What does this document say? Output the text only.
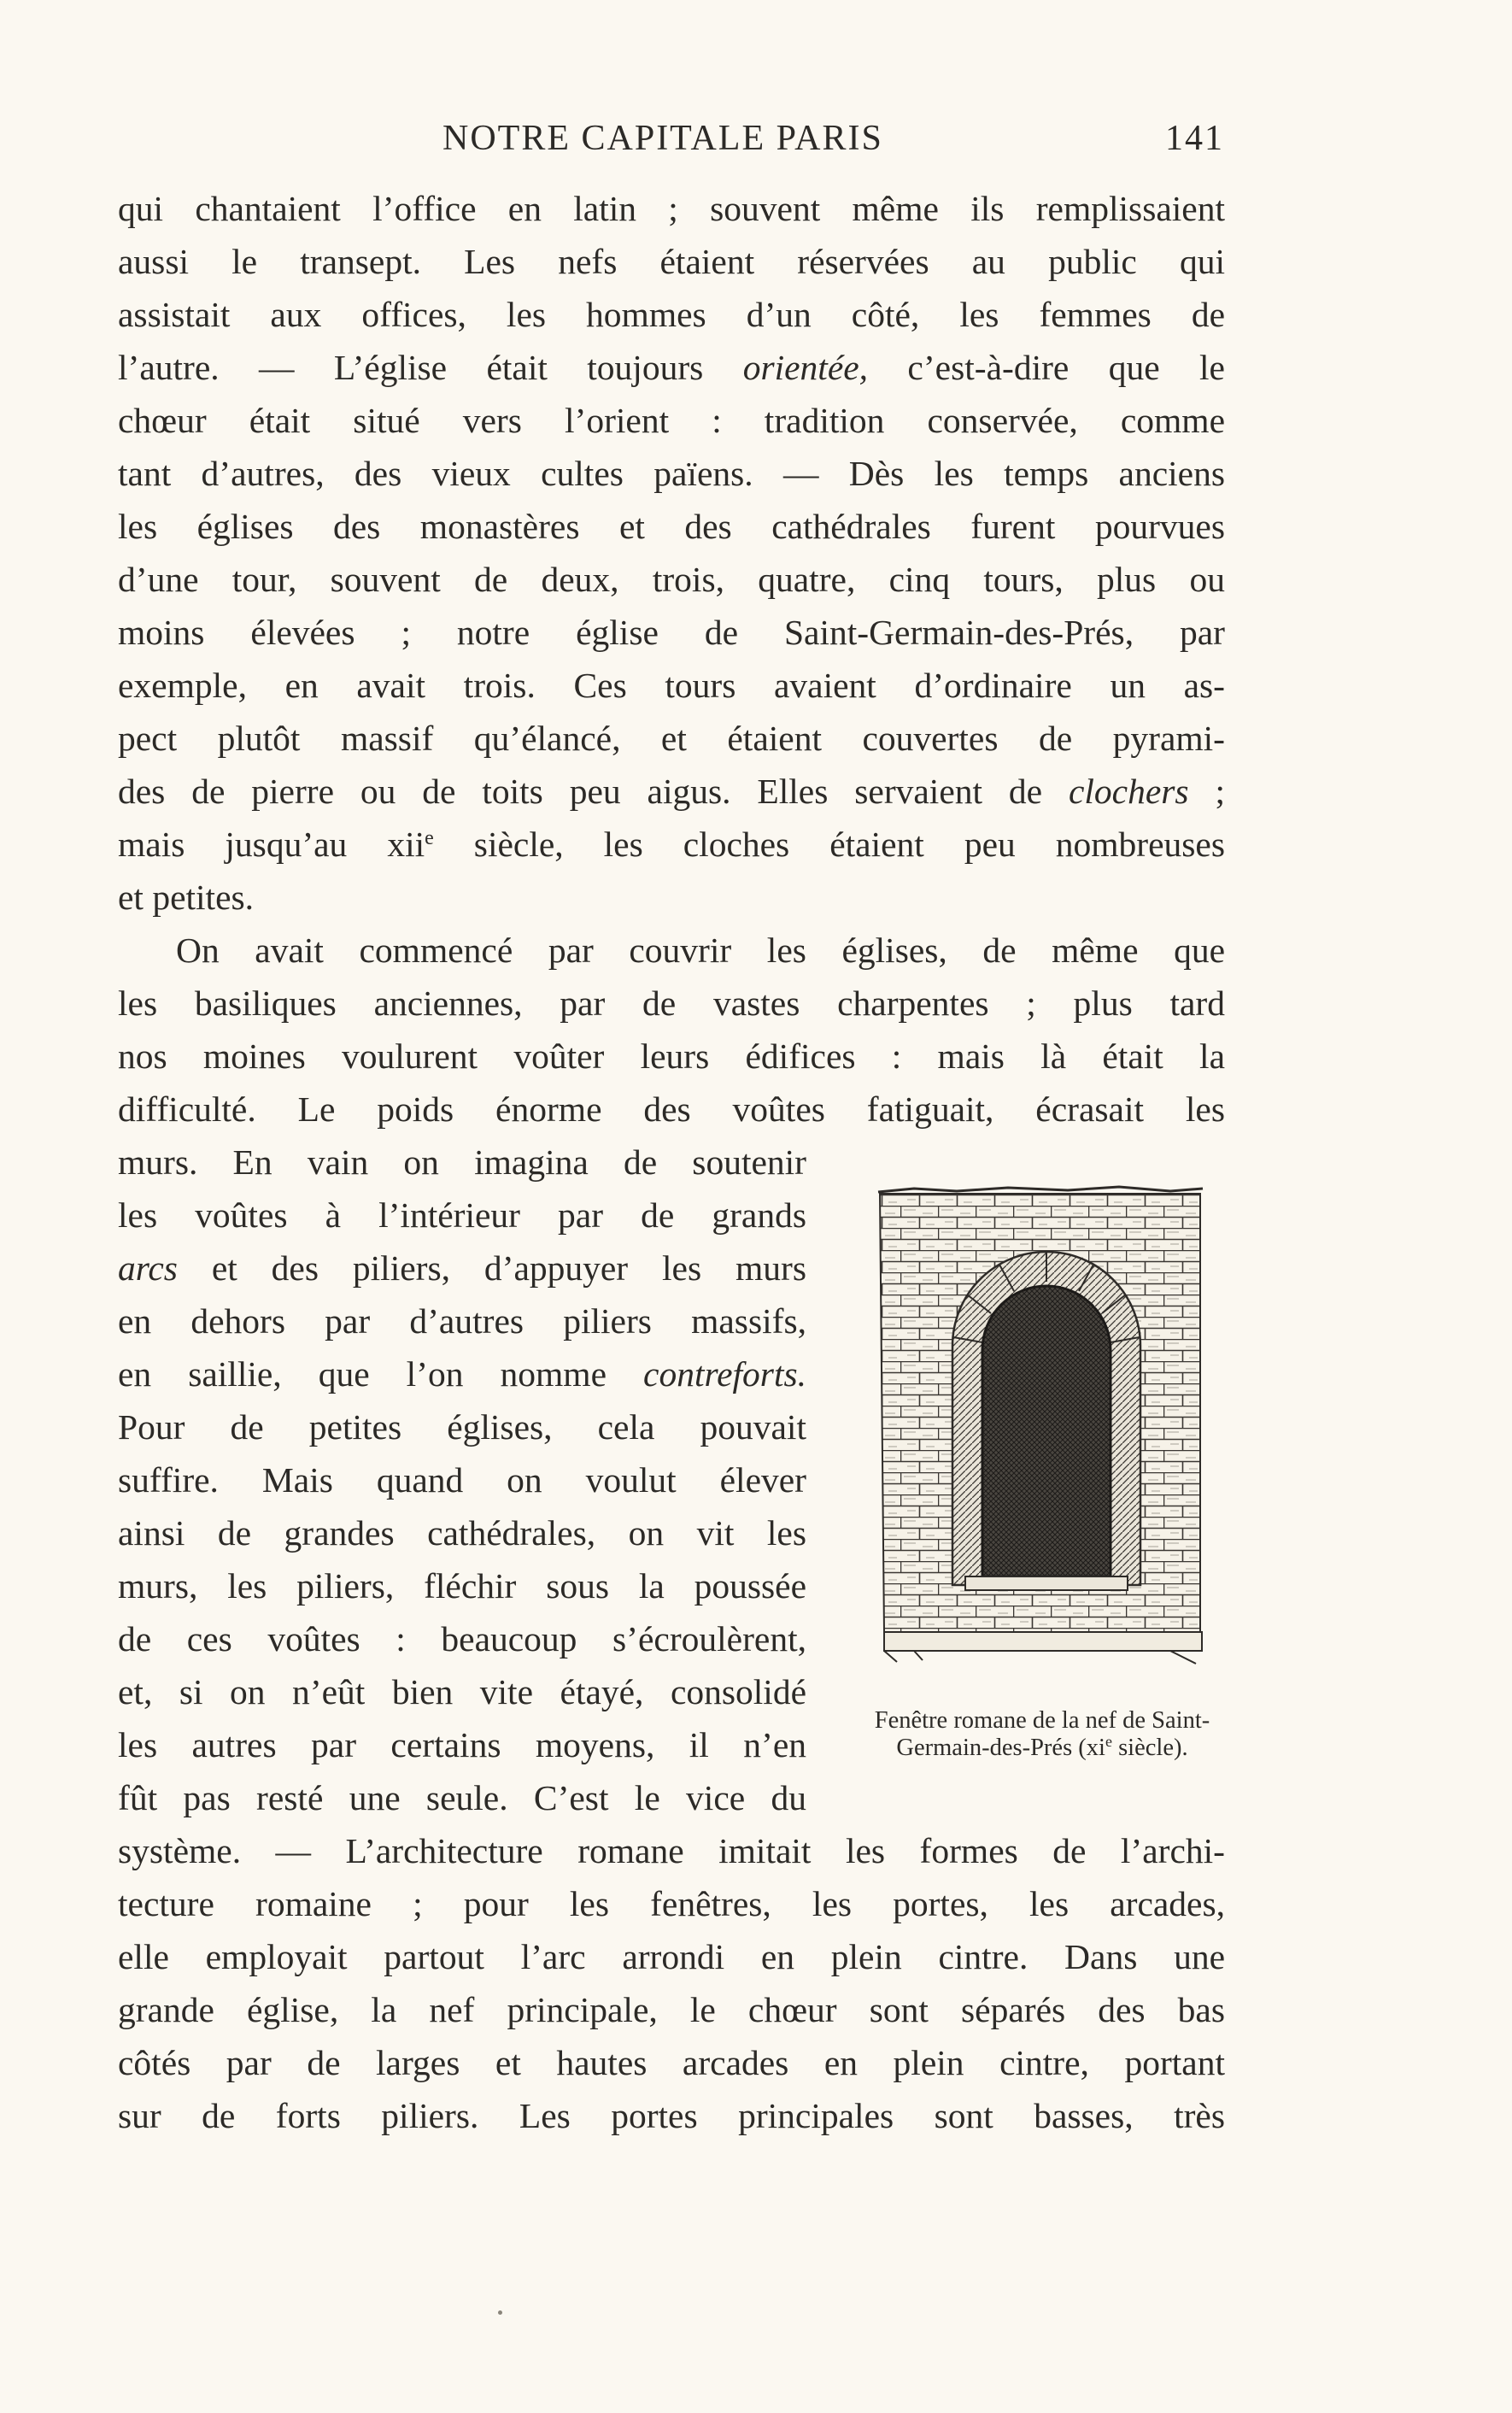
NOTRE CAPITALE PARIS	141
qui chantaient l’office en latin ; souvent même ils remplissaient
aussi le transept. Les nefs étaient réservées au public qui
assistait aux offices, les hommes d’un côté, les femmes de
l’autre. — L’église était toujours orientée, c’est-à-dire que le
chœur était situé vers l’orient : tradition conservée, comme
tant d’autres, des vieux cultes païens. — Dès les temps anciens
les églises des monastères et des cathédrales furent pourvues
d’une tour, souvent de deux, trois, quatre, cinq tours, plus ou
moins élevées ; notre église de Saint-Germain-des-Prés, par
exemple, en avait trois. Ces tours avaient d’ordinaire un as-
pect plutôt massif qu’élancé, et étaient couvertes de pyrami-
des de pierre ou de toits peu aigus. Elles servaient de clochers ;
mais jusqu’au xii$^e$ siècle, les cloches étaient peu nombreuses
et petites.
On avait commencé par couvrir les églises, de même que
les basiliques anciennes, par de vastes charpentes ; plus tard
nos moines voulurent voûter leurs édifices : mais là était la
difficulté. Le poids énorme des voûtes fatiguait, écrasait les
murs. En vain on imagina de soutenir
les voûtes à l’intérieur par de grands
arcs et des piliers, d’appuyer les murs
en dehors par d’autres piliers massifs,
en saillie, que l’on nomme contreforts.
Pour de petites églises, cela pouvait
suffire. Mais quand on voulut élever
ainsi de grandes cathédrales, on vit les
murs, les piliers, fléchir sous la poussée
de ces voûtes : beaucoup s’écroulèrent,
et, si on n’eût bien vite étayé, consolidé
les autres par certains moyens, il n’en
fût pas resté une seule. C’est le vice du
système. — L’architecture romane imitait les formes de l’archi-
tecture romaine ; pour les fenêtres, les portes, les arcades,
elle employait partout l’arc arrondi en plein cintre. Dans une
grande église, la nef principale, le chœur sont séparés des bas
côtés par de larges et hautes arcades en plein cintre, portant
sur de forts piliers. Les portes principales sont basses, très
Fenêtre romane de la nef de Saint-
Germain-des-Prés ($xi^e$ siècle).
